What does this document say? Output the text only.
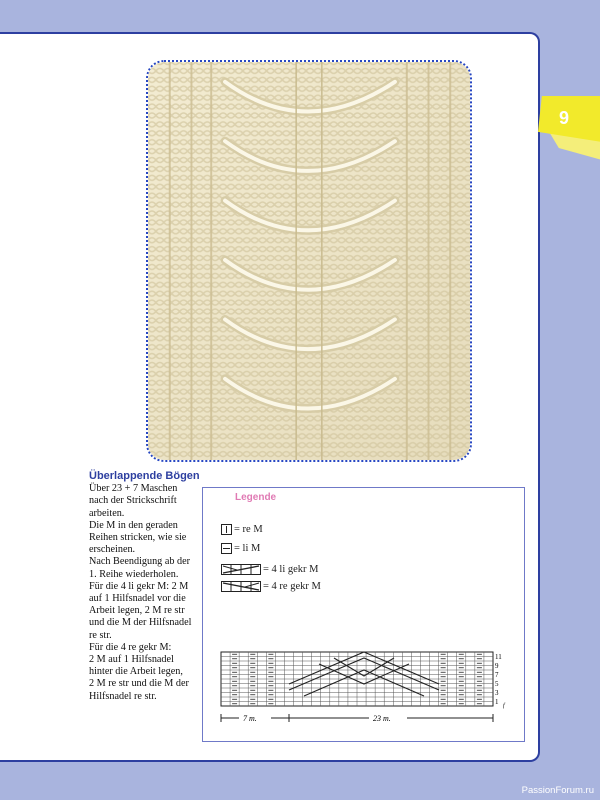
9
Überlappende Bögen

Über 23 + 7 Maschen
nach der Strickschrift
arbeiten.

Die M in den geraden
Reihen stricken, wie sie
erscheinen.

Nach Beendigung ab der
1. Reihe wiederholen.

Für die 4 li gekr M: 2 M
auf 1 Hilfsnadel vor die
Arbeit legen, 2 M re str
und die M der Hilfsnadel
re str.

Für die 4 re gekr M:
2 M auf 1 Hilfsnadel
hinter die Arbeit legen,
2 M re str und die M der
Hilfsnadel re str.

Legende
= re M
= li M
= 4 li gekr M
= 4 re gekr M
11
9
7
5
3
1 f
7 m.	23 m.
PassionForum.ru
